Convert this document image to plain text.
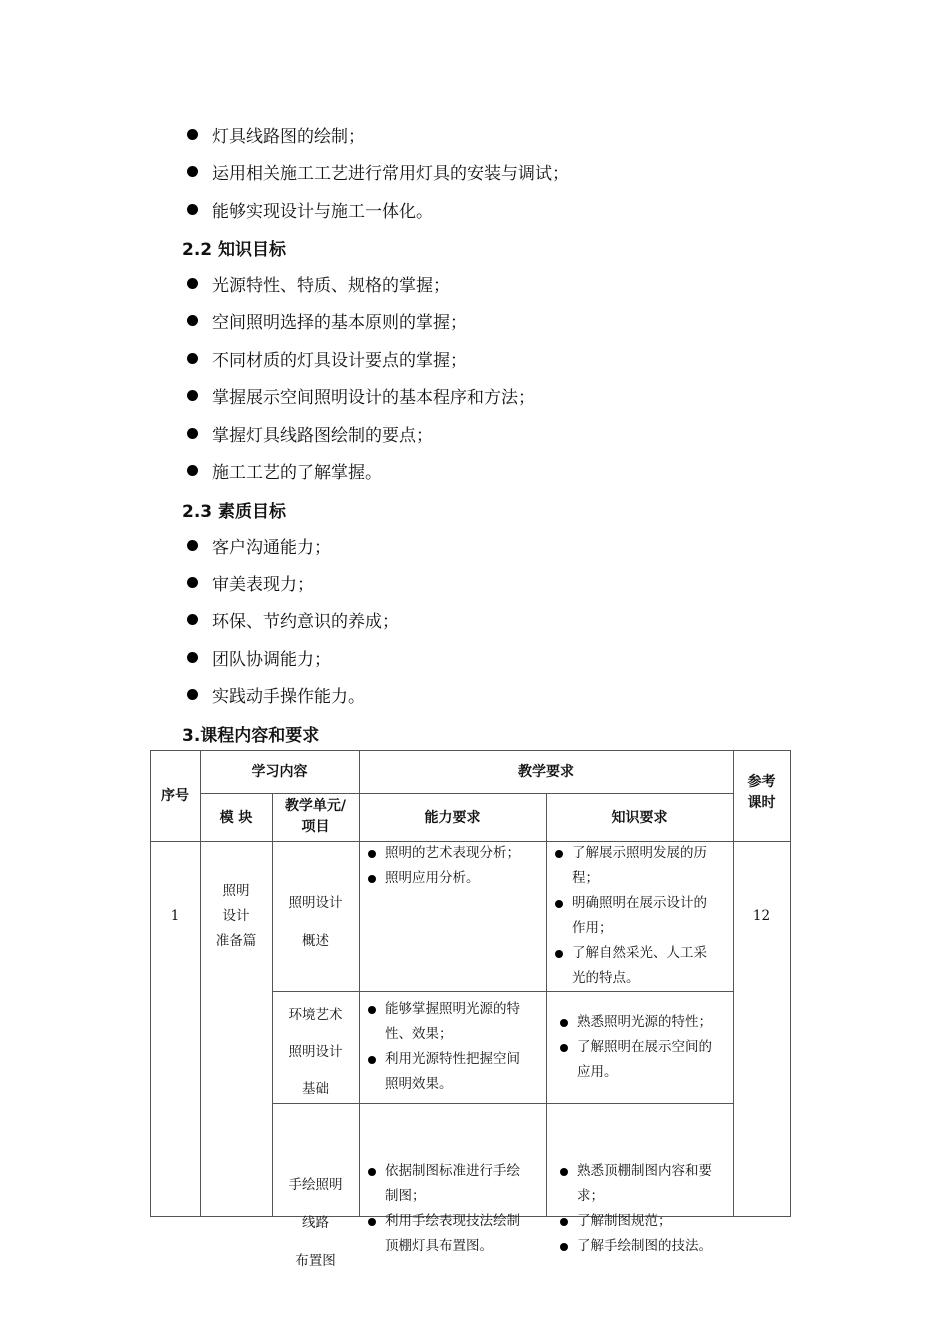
灯具线路图的绘制；
运用相关施工工艺进行常用灯具的安装与调试；
能够实现设计与施工一体化。
2.2 知识目标
光源特性、特质、规格的掌握；
空间照明选择的基本原则的掌握；
不同材质的灯具设计要点的掌握；
掌握展示空间照明设计的基本程序和方法；
掌握灯具线路图绘制的要点；
施工工艺的了解掌握。
2.3 素质目标
客户沟通能力；
审美表现力；
环保、节约意识的养成；
团队协调能力；
实践动手操作能力。
3.课程内容和要求
序号
学习内容	教学要求
参考
课时
模 块
教学单元/
项目
能力要求	知识要求
1
照明
设计
准备篇
12
照明设计
概述
环境艺术
照明设计
基础
手绘照明
线路
布置图
照明的艺术表现分析；
照明应用分析。
了解展示照明发展的历
程；
明确照明在展示设计的
作用；
了解自然采光、人工采
光的特点。
能够掌握照明光源的特
性、效果；
利用光源特性把握空间
照明效果。
熟悉照明光源的特性；
了解照明在展示空间的
应用。
依据制图标准进行手绘
制图；
利用手绘表现技法绘制
顶棚灯具布置图。
熟悉顶棚制图内容和要
求；
了解制图规范；
了解手绘制图的技法。
